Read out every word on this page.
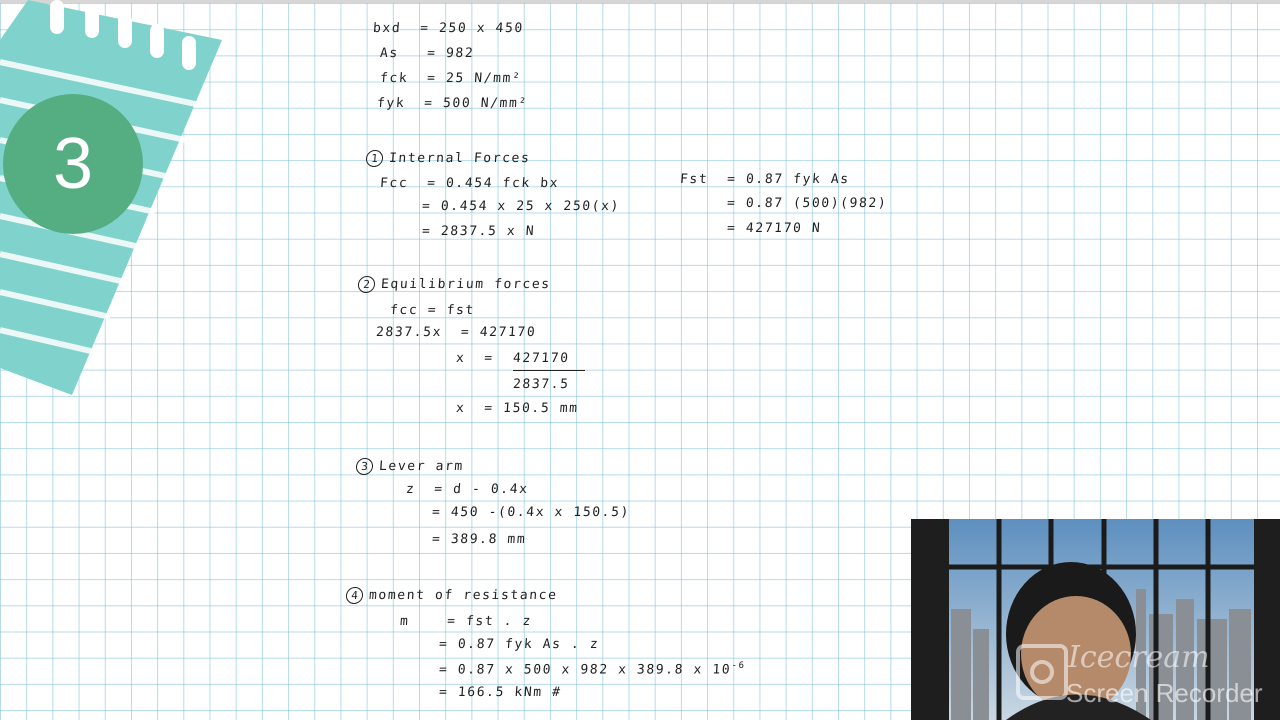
3
bxd  = 250 x 450
As   = 982
fck  = 25 N/mm²
fyk  = 500 N/mm²
1 Internal Forces
Fcc  = 0.454 fck bx
= 0.454 x 25 x 250(x)
= 2837.5 x N
Fst  = 0.87 fyk As
= 0.87 (500)(982)
= 427170 N
2 Equilibrium forces
fcc = fst
2837.5x  = 427170
x  = 427170
2837.5
x  = 150.5 mm
3 Lever arm
z  = d - 0.4x
= 450 -(0.4x x 150.5)
= 389.8 mm
4 moment of resistance
m    = fst . z
= 0.87 fyk As . z
= 0.87 x 500 x 982 x 389.8 x $10^{-6}$
= 166.5 kNm #
Icecream
Screen Recorder
